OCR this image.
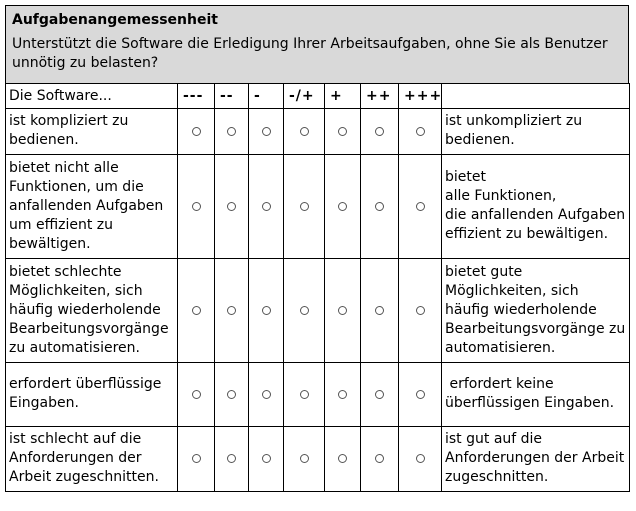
Aufgabenangemessenheit
Unterstützt die Software die Erledigung Ihrer Arbeitsaufgaben, ohne Sie als Benutzer unnötig zu belasten?
Die Software...	---	--	-	-/+	+	++	+++	
ist kompliziert zu bedienen.								ist unkompliziert zu bedienen.
bietet nicht alle Funktionen, um die anfallenden Aufgaben um effizient zu bewältigen.								bietet
alle Funktionen,
die anfallenden Aufgaben effizient zu bewältigen.
bietet schlechte Möglichkeiten, sich häufig wiederholende Bearbeitungsvorgänge zu automatisieren.								bietet gute Möglichkeiten, sich häufig wiederholende Bearbeitungsvorgänge zu automatisieren.
erfordert überflüssige Eingaben.								erfordert keine überflüssigen Eingaben.
ist schlecht auf die Anforderungen der Arbeit zugeschnitten.								ist gut auf die Anforderungen der Arbeit zugeschnitten.
